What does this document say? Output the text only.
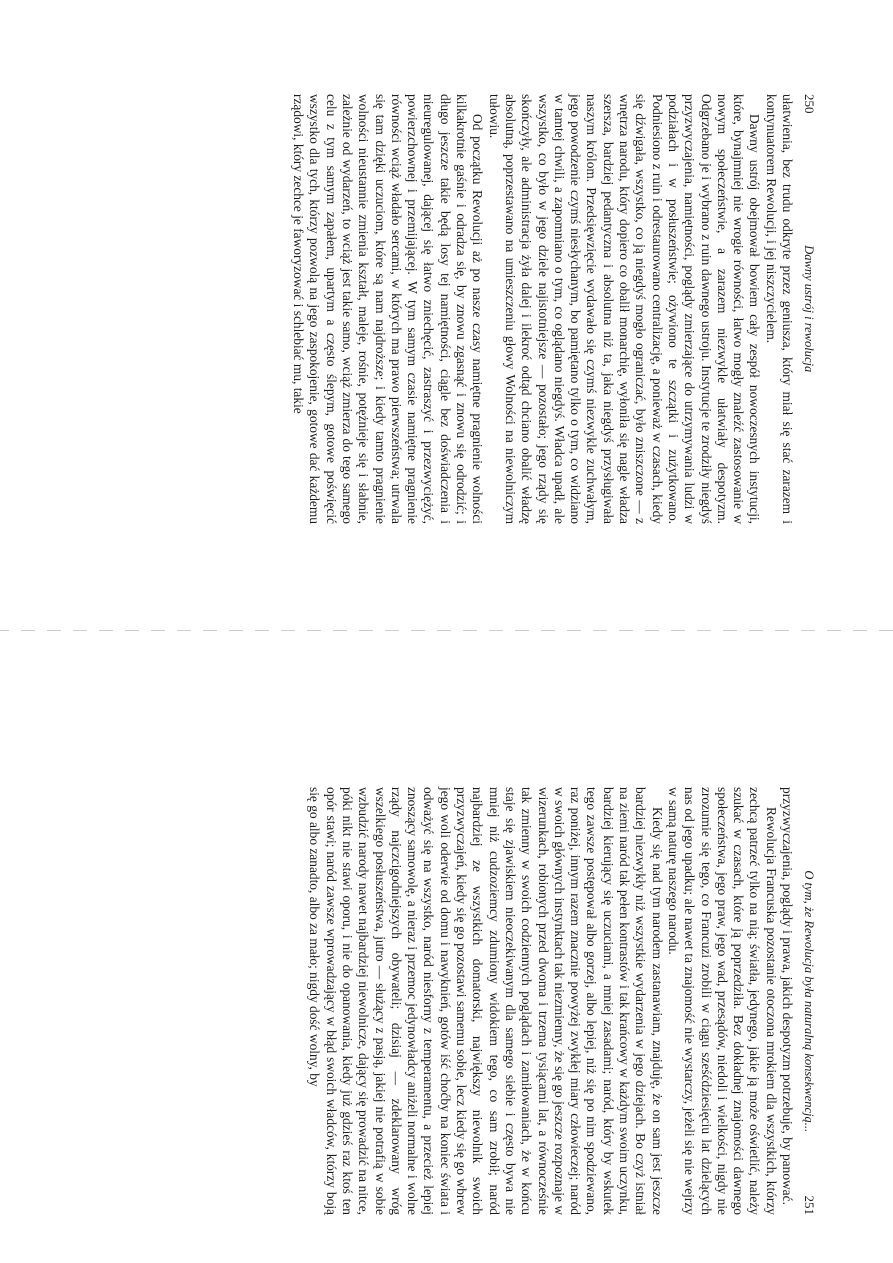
250
Dawny ustrój i rewolucja

ułatwienia, bez trudu odkryte przez geniusza, który miał się stać zarazem i kontynuatorem Rewolucji, i jej niszczycielem.

Dawny ustrój obejmował bowiem cały zespół nowoczesnych instytucji, które, bynajmniej nie wrogie równości, łatwo mogły znaleźć zastosowanie w nowym społeczeństwie, a zarazem niezwykle ułatwiały despotyzm. Odgrzebano je i wybrano z ruin dawnego ustroju. Instytucje te zrodziły niegdyś przyzwyczajenia, namiętności, poglądy zmierzające do utrzymywania ludzi w podziałach i w posłuszeństwie; ożywiono te szczątki i zużytkowano. Podniesiono z ruin i odrestaurowano centralizację, a ponieważ w czasach, kiedy się dźwigała, wszystko, co ją niegdyś mogło ograniczać, było zniszczone — z wnętrza narodu, który dopiero co obalił monarchię, wyłoniła się nagle władza szersza, bardziej pedantyczna i absolutna niż ta, jaka niegdyś przysługiwała naszym królom. Przedsięwzięcie wydawało się czymś niezwykle zuchwałym, jego powodzenie czymś niesłychanym, bo pamiętano tylko o tym, co widziano w tamtej chwili, a zapomniano o tym, co oglądano niegdyś. Władca upadł, ale wszystko, co było w jego dziele najistotniejsze — pozostało; jego rządy się skończyły, ale administracja żyła dalej i ilekroć odtąd chciano obalić władzę absolutną, poprzestawano na umieszczeniu głowy Wolności na niewolniczym tułowiu.

Od początku Rewolucji aż po nasze czasy namiętne pragnienie wolności kilkakrotnie gaśnie i odradza się, by znowu zgasnąć i znowu się odrodzić; i długo jeszcze takie będą losy tej namiętności, ciągle bez doświadczenia i nieuregulowanej, dającej się łatwo zniechęcić, zastraszyć i przezwyciężyć, powierzchownej i przemijającej. W tym samym czasie namiętne pragnienie równości wciąż władało sercami, w których ma prawo pierwszeństwa; utrwala się tam dzięki uczuciom, które są nam najdroższe; i kiedy tamto pragnienie wolności nieustannie zmienia kształt, maleje, rośnie, potężnieje się i słabnie, zależnie od wydarzeń, to wciąż jest takie samo, wciąż zmierza do tego samego celu z tym samym zapałem, upartym a często ślepym, gotowe poświęcić wszystko dla tych, którzy pozwolą na jego zaspokojenie, gotowe dać każdemu rządowi, który zechce je faworyzować i schlebiać mu, takie

O tym, że Rewolucja była naturalną konsekwencją...
251

przyzwyczajenia, poglądy i prawa, jakich despotyzm potrzebuje, by panować.

Rewolucja Francuska pozostanie otoczona mrokiem dla wszystkich, którzy zechcą patrzeć tylko na nią; światła, jedynego, jakie ją może oświetlić, należy szukać w czasach, które ją poprzedziła. Bez dokładnej znajomości dawnego społeczeństwa, jego praw, jego wad, przesądów, niedoli i wielkości, nigdy nie zrozumie się tego, co Francuzi zrobili w ciągu sześćdziesięciu lat dzielących nas od jego upadku; ale nawet ta znajomość nie wystarczy, jeżeli się nie wejrzy w samą naturę naszego narodu.

Kiedy się nad tym narodem zastanawiam, znajduję, że on sam jest jeszcze bardziej niezwykły niż wszystkie wydarzenia w jego dziejach. Bo czyż istniał na ziemi naród tak pełen kontrastów i tak krańcowy w każdym swoim uczynku, bardziej kierujący się uczuciami, a mniej zasadami; naród, który by wskutek tego zawsze postępował albo gorzej, albo lepiej, niż się po nim spodziewano, raz poniżej, innym razem znacznie powyżej zwykłej miary człowieczej; naród w swoich głównych instynktach tak niezmienny, że się go jeszcze rozpoznaje w wizerunkach, robionych przed dwoma i trzema tysiącami lat, a równocześnie tak zmienny w swoich codziennych poglądach i zamiłowaniach, że w końcu staje się zjawiskiem nieoczekiwanym dla samego siebie i często bywa nie mniej niż cudzoziemcy zdumiony widokiem tego, co sam zrobił; naród najbardziej ze wszystkich domatorski, największy niewolnik swoich przyzwyczajeń, kiedy się go pozostawi samemu sobie, lecz kiedy się go wbrew jego woli oderwie od domu i nawyknień, gotów iść choćby na koniec świata i odważyć się na wszystko, naród niesforny z temperamentu, a przecież lepiej znoszący samowolę, a nieraz i przemoc jedynowładcy aniżeli normalne i wolne rządy najczcigodniejszych obywateli; dzisiaj — zdeklarowany wróg wszelkiego posłuszeństwa, jutro — służący z pasją, jakiej nie potrafią w sobie wzbudzić narody nawet najbardziej niewolnicze, dający się prowadzić na nitce, póki nikt nie stawi oporu, i nie do opanowania, kiedy już gdzieś raz ktoś ten opór stawi; naród zawsze wprowadzający w błąd swoich władców, którzy boją się go albo zanadto, albo za mało; nigdy dość wolny, by
